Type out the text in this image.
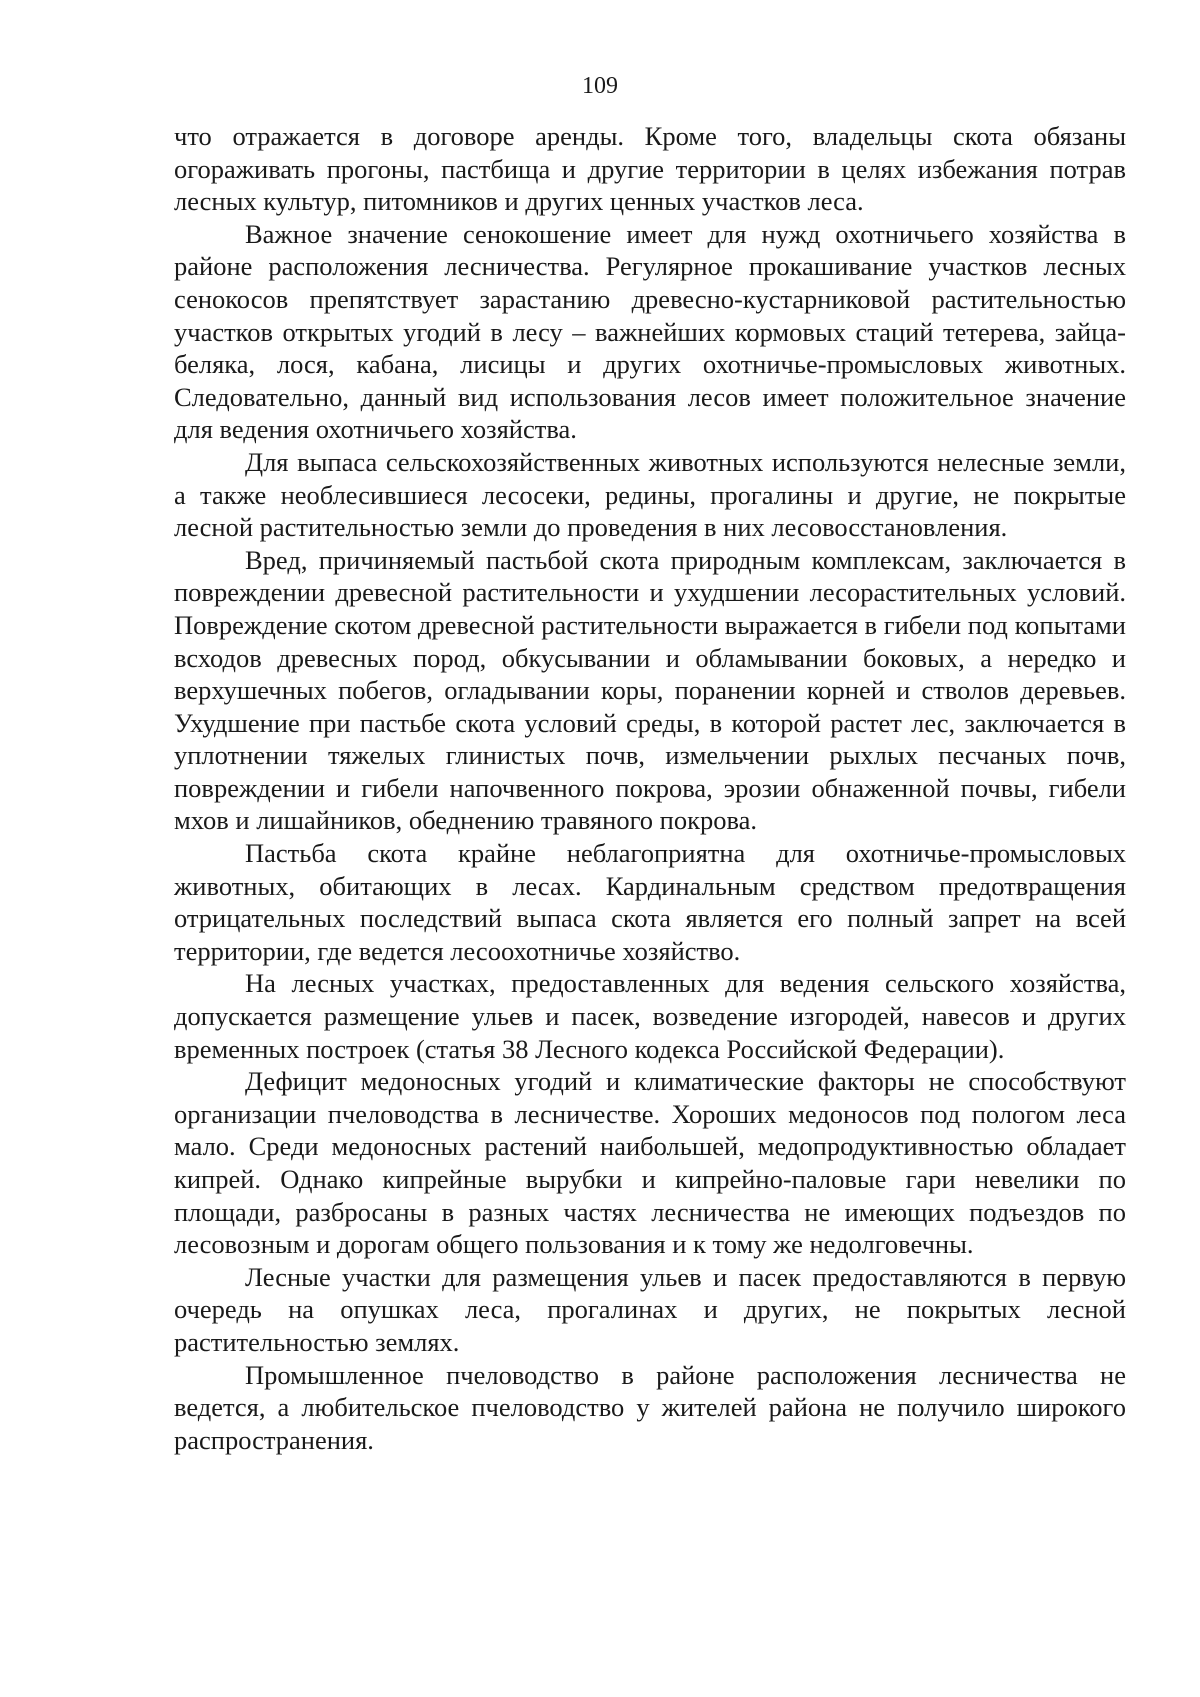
109

что отражается в договоре аренды. Кроме того, владельцы скота обязаны огораживать прогоны, пастбища и другие территории в целях избежания потрав лесных культур, питомников и других ценных участков леса.

Важное значение сенокошение имеет для нужд охотничьего хозяйства в районе расположения лесничества. Регулярное прокашивание участков лесных сенокосов препятствует зарастанию древесно-кустарниковой растительностью участков открытых угодий в лесу – важнейших кормовых стаций тетерева, зайца-беляка, лося, кабана, лисицы и других охотничье-промысловых животных. Следовательно, данный вид использования лесов имеет положительное значение для ведения охотничьего хозяйства.

Для выпаса сельскохозяйственных животных используются нелесные земли, а также необлесившиеся лесосеки, редины, прогалины и другие, не покрытые лесной растительностью земли до проведения в них лесовосстановления.

Вред, причиняемый пастьбой скота природным комплексам, заключается в повреждении древесной растительности и ухудшении лесорастительных условий. Повреждение скотом древесной растительности выражается в гибели под копытами всходов древесных пород, обкусывании и обламывании боковых, а нередко и верхушечных побегов, огладывании коры, поранении корней и стволов деревьев. Ухудшение при пастьбе скота условий среды, в которой растет лес, заключается в уплотнении тяжелых глинистых почв, измельчении рыхлых песчаных почв, повреждении и гибели напочвенного покрова, эрозии обнаженной почвы, гибели мхов и лишайников, обеднению травяного покрова.

Пастьба скота крайне неблагоприятна для охотничье-промысловых животных, обитающих в лесах. Кардинальным средством предотвращения отрицательных последствий выпаса скота является его полный запрет на всей территории, где ведется лесоохотничье хозяйство.

На лесных участках, предоставленных для ведения сельского хозяйства, допускается размещение ульев и пасек, возведение изгородей, навесов и других временных построек (статья 38 Лесного кодекса Российской Федерации).

Дефицит медоносных угодий и климатические факторы не способствуют организации пчеловодства в лесничестве. Хороших медоносов под пологом леса мало. Среди медоносных растений наибольшей, медопродуктивностью обладает кипрей. Однако кипрейные вырубки и кипрейно-паловые гари невелики по площади, разбросаны в разных частях лесничества не имеющих подъездов по лесовозным и дорогам общего пользования и к тому же недолговечны.

Лесные участки для размещения ульев и пасек предоставляются в первую очередь на опушках леса, прогалинах и других, не покрытых лесной растительностью землях.

Промышленное пчеловодство в районе расположения лесничества не ведется, а любительское пчеловодство у жителей района не получило широкого распространения.
